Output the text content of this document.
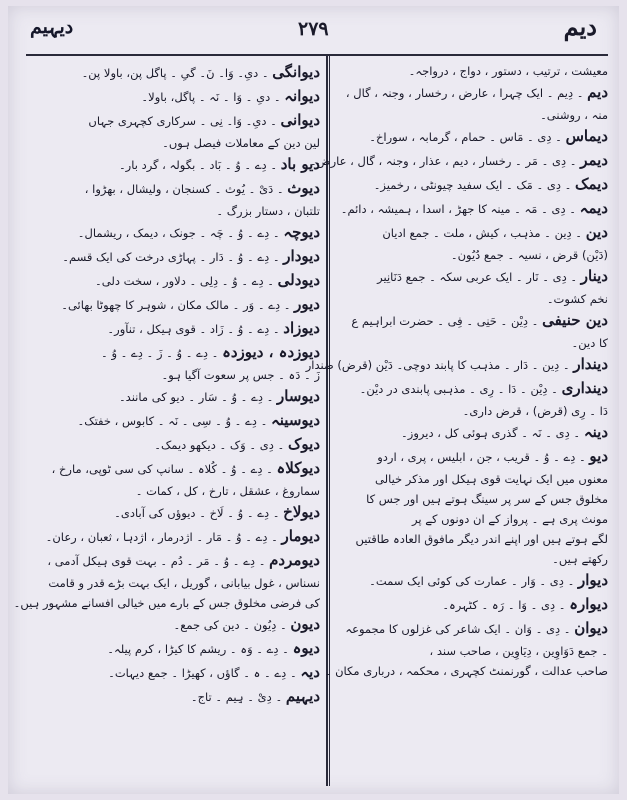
دیہیم	۲۷۹	دیم
دیوانگی ۔ دیِ۔ وَا۔ نَ۔ گیِ ۔ پاگل پن، باولا پن۔
دیوانہ ۔ دیِ ۔ وَا ۔ نَہ ۔ پاگل، باولا۔
دیوانی ۔ دیِ۔ وَا۔ نِی ۔ سرکاری کچہری جہاں
لین دین کے معاملات فیصل ہوں۔
دیو باد ۔ دِے ۔ وُ ۔ بَاد ۔ بگولہ ، گرد بار۔
دیوث ۔ دَیْ ۔ یُوث ۔ کسنجان ، ولیشال ، بھڑوا ،
تلتبان ، دستار بزرگ ۔
دیوچہ ۔ دِے ۔ وُ ۔ چَہ ۔ جونک ، دیمک ، ریشمال۔
دیودار ۔ دِے ۔ وُ ۔ دَار ۔ پہاڑی درخت کی ایک قسم۔
دیودلی ۔ دِے ۔ وُ ۔ دِلِی ۔ دلاور ، سخت دلی۔
دیور ۔ دِے ۔ وَر ۔ مالک مکان ، شوہر کا چھوٹا بھائی۔
دیوزاد ۔ دِے ۔ وُ ۔ زَاد ۔ قوی ہیکل ، تنآور۔
دیوزدہ ، دیوزدہ ۔ دِے ۔ وُ ۔ زَ ۔ دِے ۔ وُ ۔
زَ ۔ دَہ ۔ جس پر سعوت آگیا ہو۔
دیوسار ۔ دِے ۔ وُ ۔ سَار ۔ دیو کی مانند۔
دیوسینہ ۔ دِے ۔ وُ ۔ سِی ۔ نَہ ۔ کابوس ، خفتک۔
دیوک ۔ دِی ۔ وَک ۔ دیکھو دیمک۔
دیوکلاہ ۔ دِے ۔ وُ ۔ کُلاہ ۔ سانپ کی سی ٹوپی، مارخ ،
سماروغ ، عشقل ، تارخ ، کل ، کمات ۔
دیولاخ ۔ دِے ۔ وُ ۔ لَاخ ۔ دیوؤں کی آبادی۔
دیومار ۔ دِے ۔ وُ ۔ مَار ۔ اژدرمار ، اژدہا ، ثعبان ، رعان۔
دیومردم ۔ دِے ۔ وُ ۔ مَر ۔ دُم ۔ بہت قوی ہیکل آدمی ،
نسناس ، غول بیابانی ، گوریل ، ایک بہت بڑے قدر و قامت
کی فرضی مخلوق جس کے بارے میں خیالی افسانے مشہور ہیں۔
دیون ۔ دِیُون ۔ دین کی جمع۔
دیوہ ۔ دِے ۔ وَہ ۔ ریشم کا کیڑا ، کرم پیلہ۔
دیہ ۔ دِے ۔ ہ ۔ گاؤں ، کھیڑا ۔ جمع دیہات۔
دیہیم ۔ دِیْ ۔ ہِیم ۔ تاج۔
معیشت ، ترتیب ، دستور ، دواج ، درواجہ۔
دیم ۔ دِیم ۔ ایک چہرا ، عارض ، رخسار ، وجنہ ، گال ،
منہ ، روشنی۔
دیماس ۔ دِی ۔ مَاس ۔ حمام ، گرمابہ ، سوراخ۔
دیمر ۔ دِی ۔ مَر ۔ رخسار ، دیم ، عذار ، وجنہ ، گال ، عارض۔
دیمک ۔ دِی ۔ مَک ۔ ایک سفید چیونٹی ، رخمیز۔
دیمہ ۔ دِی ۔ مَہ ۔ مینہ کا جھڑ ، اسدا ، ہمیشہ ، دائم۔
دین ۔ دِین ۔ مذہب ، کیش ، ملت ۔ جمع ادیان
(دَیْن) قرض ، نسیہ ۔ جمع دُیُون۔
دینار ۔ دِی ۔ نَار ۔ ایک عربی سکہ ۔ جمع دَنَانِیر
نخم کشوت۔
دین حنیفی ۔ دِیْن ۔ حَنِی ۔ فِی ۔ حضرت ابراہیم ع
کا دین۔
دیندار ۔ دِین ۔ دَار ۔ مذہب کا پابند دوچی۔ دَیْن (قرض) ضندار
دینداری ۔ دِیْن ۔ دَا ۔ رِی ۔ مذہبی پابندی در دیْن۔
دَا ۔ رِی (قرض) ، قرض داری۔
دینہ ۔ دِی ۔ نَہ ۔ گذری ہوئی کل ، دیروز۔
دیو ۔ دِے ۔ وُ ۔ قریب ، جن ، ابلیس ، پری ، اردو
معنوں میں ایک نہایت قوی ہیکل اور مذکر خیالی
مخلوق جس کے سر پر سینگ ہوتے ہیں اور جس کا
مونث پری ہے ۔ پرواز کے ان دونوں کے پر
لگے ہوتے ہیں اور اپنے اندر دیگر مافوق العادہ طاقتیں
رکھتے ہیں۔
دیوار ۔ دِی ۔ وَار ۔ عمارت کی کوئی ایک سمت۔
دیوارہ ۔ دِی ۔ وَا ۔ رَہ ۔ کٹہرہ۔
دیوان ۔ دِی ۔ وَان ۔ ایک شاعر کی غزلوں کا مجموعہ
۔ جمع دَوَاوِین ، دِیَاوِین ، صاحب سند ،
صاحب عدالت ، گورنمنٹ کچہری ، محکمہ ، درباری مکان ۔
